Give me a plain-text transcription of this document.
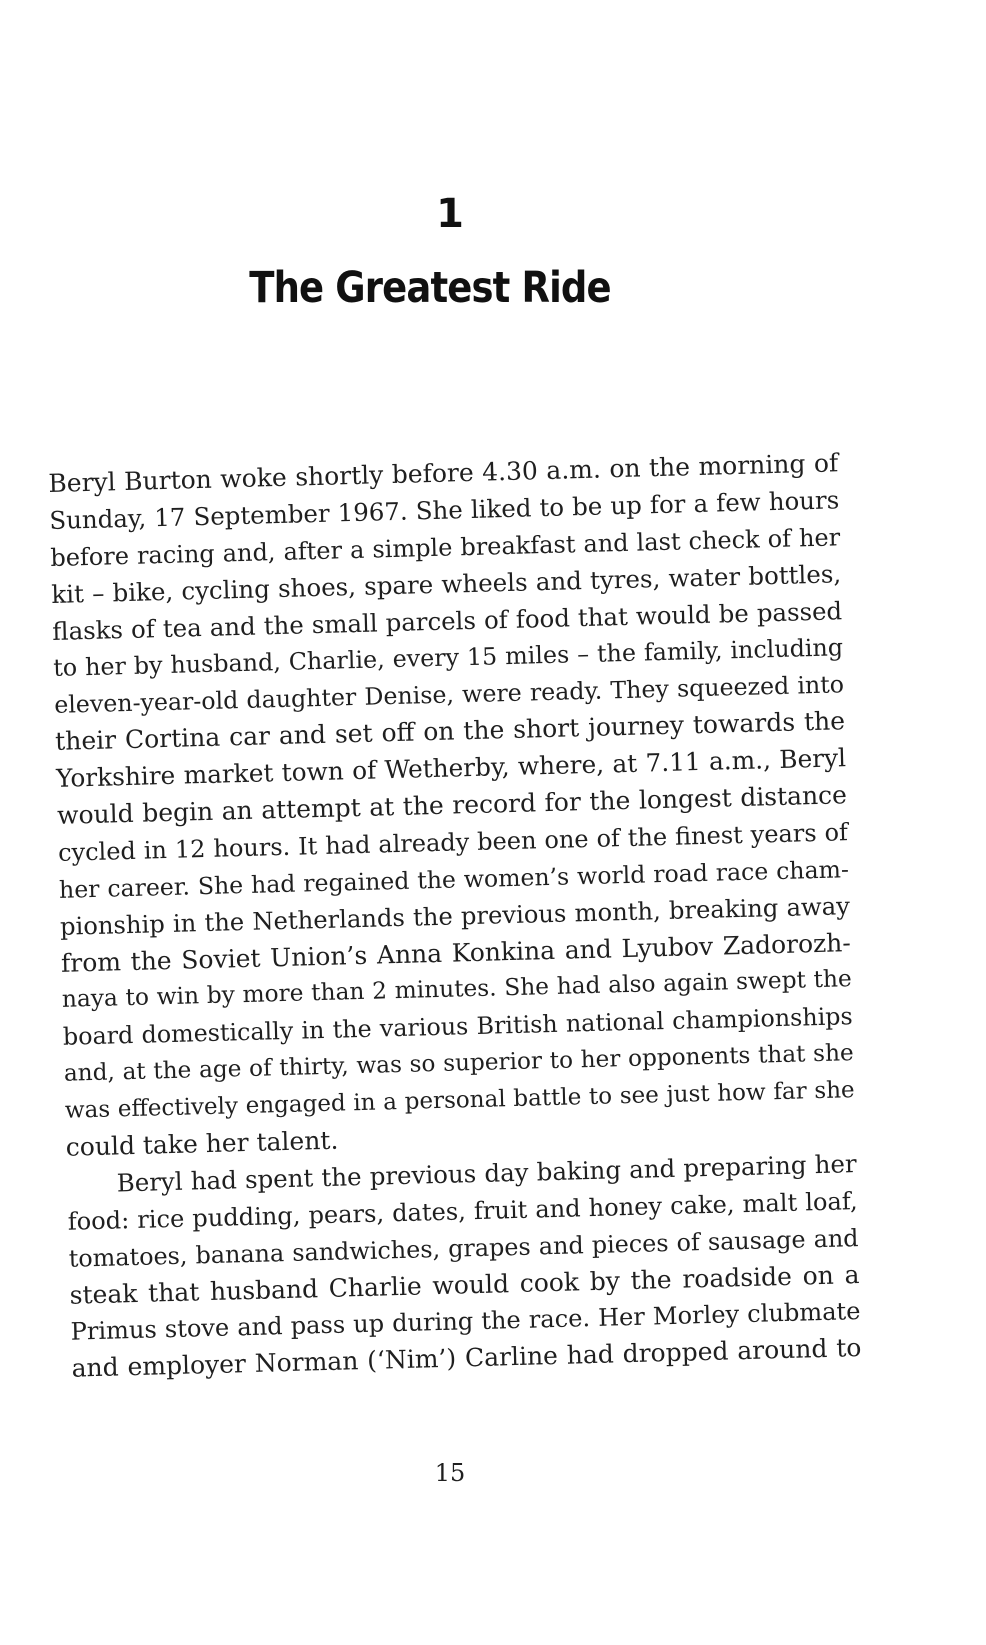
1
The Greatest Ride
Beryl Burton woke shortly before 4.30 a.m. on the morning of
Sunday, 17 September 1967. She liked to be up for a few hours
before racing and, after a simple breakfast and last check of her
kit – bike, cycling shoes, spare wheels and tyres, water bottles,
flasks of tea and the small parcels of food that would be passed
to her by husband, Charlie, every 15 miles – the family, including
eleven-year-old daughter Denise, were ready. They squeezed into
their Cortina car and set off on the short journey towards the
Yorkshire market town of Wetherby, where, at 7.11 a.m., Beryl
would begin an attempt at the record for the longest distance
cycled in 12 hours. It had already been one of the finest years of
her career. She had regained the women’s world road race cham-
pionship in the Netherlands the previous month, breaking away
from the Soviet Union’s Anna Konkina and Lyubov Zadorozh-
naya to win by more than 2 minutes. She had also again swept the
board domestically in the various British national championships
and, at the age of thirty, was so superior to her opponents that she
was effectively engaged in a personal battle to see just how far she
could take her talent.
Beryl had spent the previous day baking and preparing her
food: rice pudding, pears, dates, fruit and honey cake, malt loaf,
tomatoes, banana sandwiches, grapes and pieces of sausage and
steak that husband Charlie would cook by the roadside on a
Primus stove and pass up during the race. Her Morley clubmate
and employer Norman (‘Nim’) Carline had dropped around to
15
